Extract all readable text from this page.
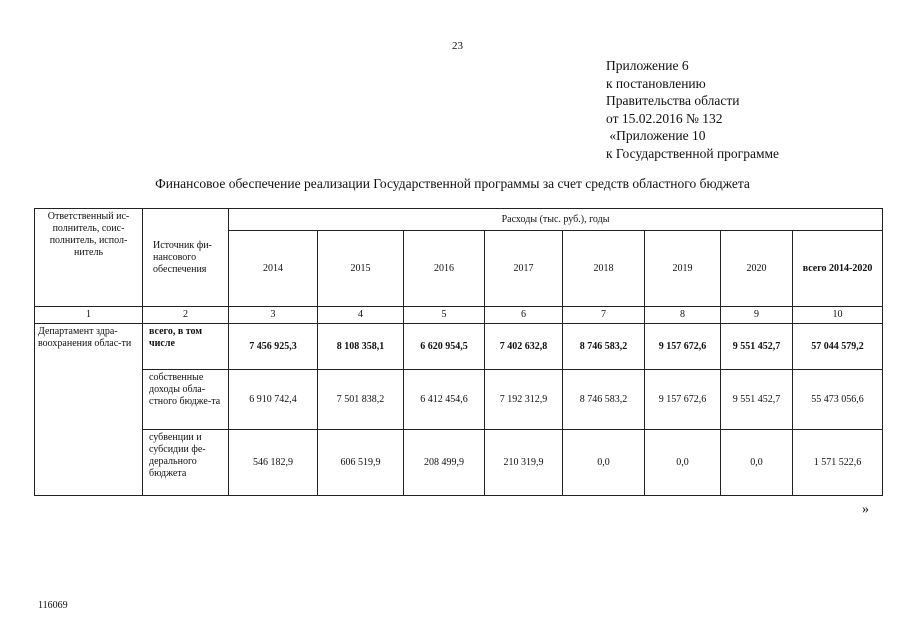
23
Приложение 6
к постановлению
Правительства области
от 15.02.2016 № 132
«Приложение 10
к Государственной программе
Финансовое обеспечение реализации Государственной программы за счет средств областного бюджета
Ответственный ис-полнитель, соис-полнитель, испол-нитель	Источник фи-нансового обеспечения	Расходы (тыс. руб.), годы							
		2014	2015	2016	2017	2018	2019	2020	всего 2014-2020
1	2	3	4	5	6	7	8	9	10
Департамент здра-воохранения облас-ти	всего, в том числе	7 456 925,3	8 108 358,1	6 620 954,5	7 402 632,8	8 746 583,2	9 157 672,6	9 551 452,7	57 044 579,2
	собственные доходы обла-стного бюдже-та	6 910 742,4	7 501 838,2	6 412 454,6	7 192 312,9	8 746 583,2	9 157 672,6	9 551 452,7	55 473 056,6
	субвенции и субсидии фе-дерального бюджета	546 182,9	606 519,9	208 499,9	210 319,9	0,0	0,0	0,0	1 571 522,6
»
116069
